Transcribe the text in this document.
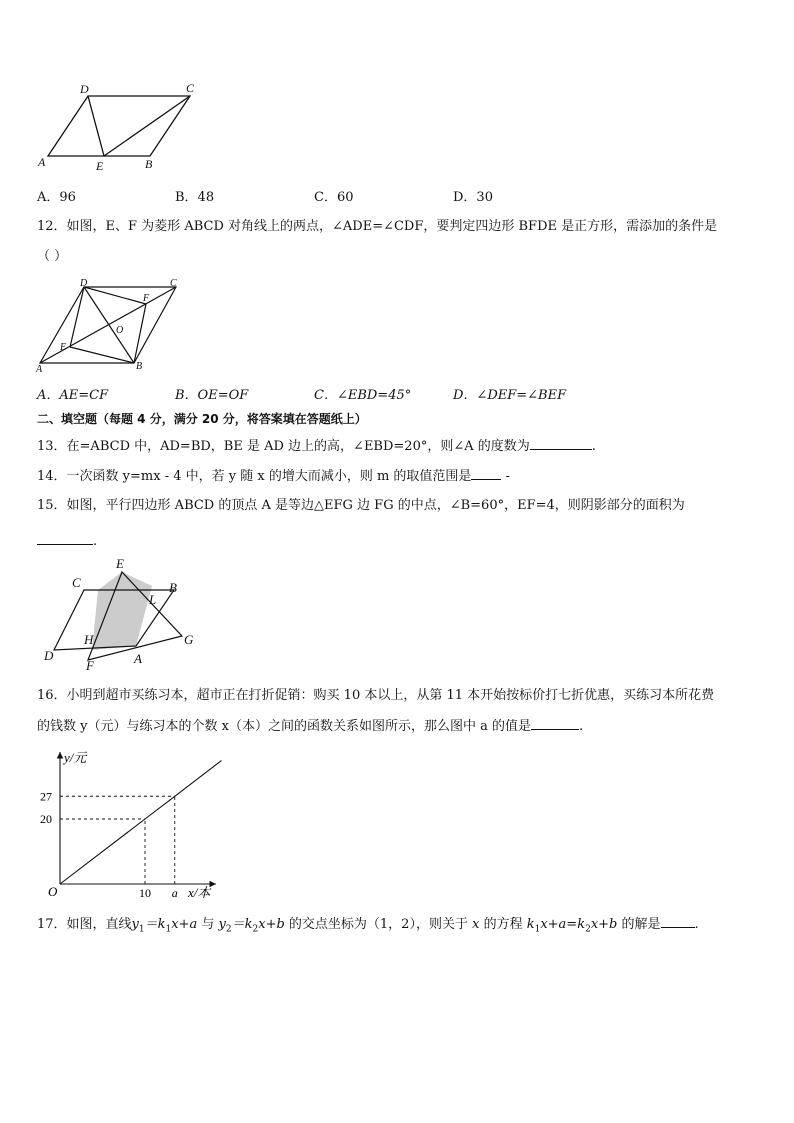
D	C
A	E	B
A．96	B．48	C．60	D．30
12．如图，E、F 为菱形 ABCD 对角线上的两点，∠ADE=∠CDF，要判定四边形 BFDE 是正方形，需添加的条件是
（ ）
D	C
F
O
E
A	B
A．AE=CF	B．OE=OF	C．∠EBD=45°	D．∠DEF=∠BEF
二、填空题（每题 4 分，满分 20 分，将答案填在答题纸上）
13．在=ABCD 中，AD=BD，BE 是 AD 边上的高，∠EBD=20°，则∠A 的度数为	.
14．一次函数 y=mx - 4 中，若 y 随 x 的增大而减小，则 m 的取值范围是 -
15．如图，平行四边形 ABCD 的顶点 A 是等边△EFG 边 FG 的中点，∠B=60°，EF=4，则阴影部分的面积为
.
E
C	B
L
H	G
D	A
F
16．小明到超市买练习本，超市正在打折促销：购买 10 本以上，从第 11 本开始按标价打七折优惠，买练习本所花费
的钱数 y（元）与练习本的个数 x（本）之间的函数关系如图所示，那么图中 a 的值是	.
y/元
x/本
O
20
27
10 a
17．如图，直线$y_1=k_1x+a$ 与 $y_2=k_2x+b$ 的交点坐标为（1，2），则关于 x 的方程 $k_1x+a=k_2x+b$ 的解是	.
